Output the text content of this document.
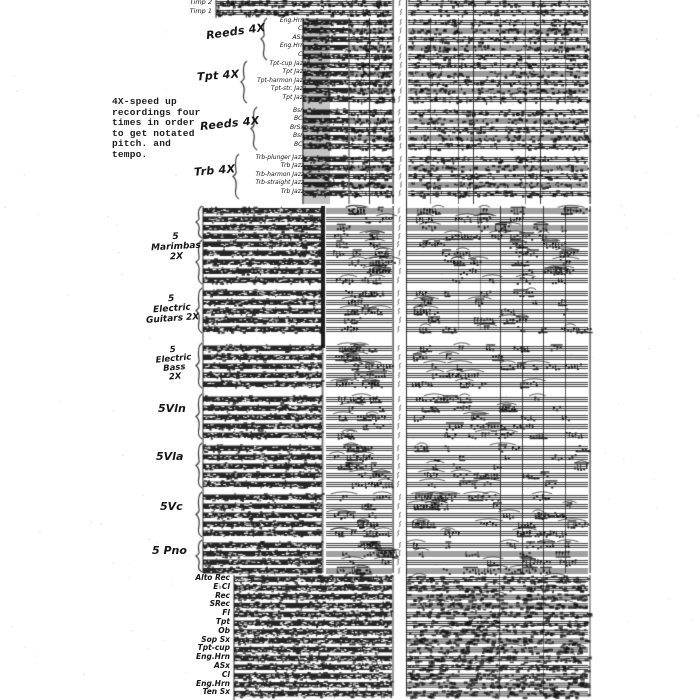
4X-speed up
recordings four
times in order
to get notated
pitch. and
tempo.
Timp 2
Timp 1
Reeds 4X
Tpt 4X
Reeds 4X
Trb 4X
Eng.Hrn
Cl
ASx
Eng.Hrn
Cl
Tpt-cup Jazz
Tpt Jazz
Tpt-harmon Jazz
Tpt-str. Jazz
Tpt Jazz
Bsn
BCl
BrSx
Bsn
BCl
Trb-plunger Jazz
Trb Jazz
Trb-harmon Jazz
Trb-straight Jazz
Trb Jazz
5
Marimbas
2X
5
Electric
Guitars 2X
5
Electric
Bass
2X
5Vln
5Vla
5Vc
5 Pno
Alto Rec
E♭Cl
Rec
SRec
Fl
Tpt
Ob
Sop Sx
Tpt-cup
Eng.Hrn
ASx
Cl
Eng.Hrn
Ten Sx
